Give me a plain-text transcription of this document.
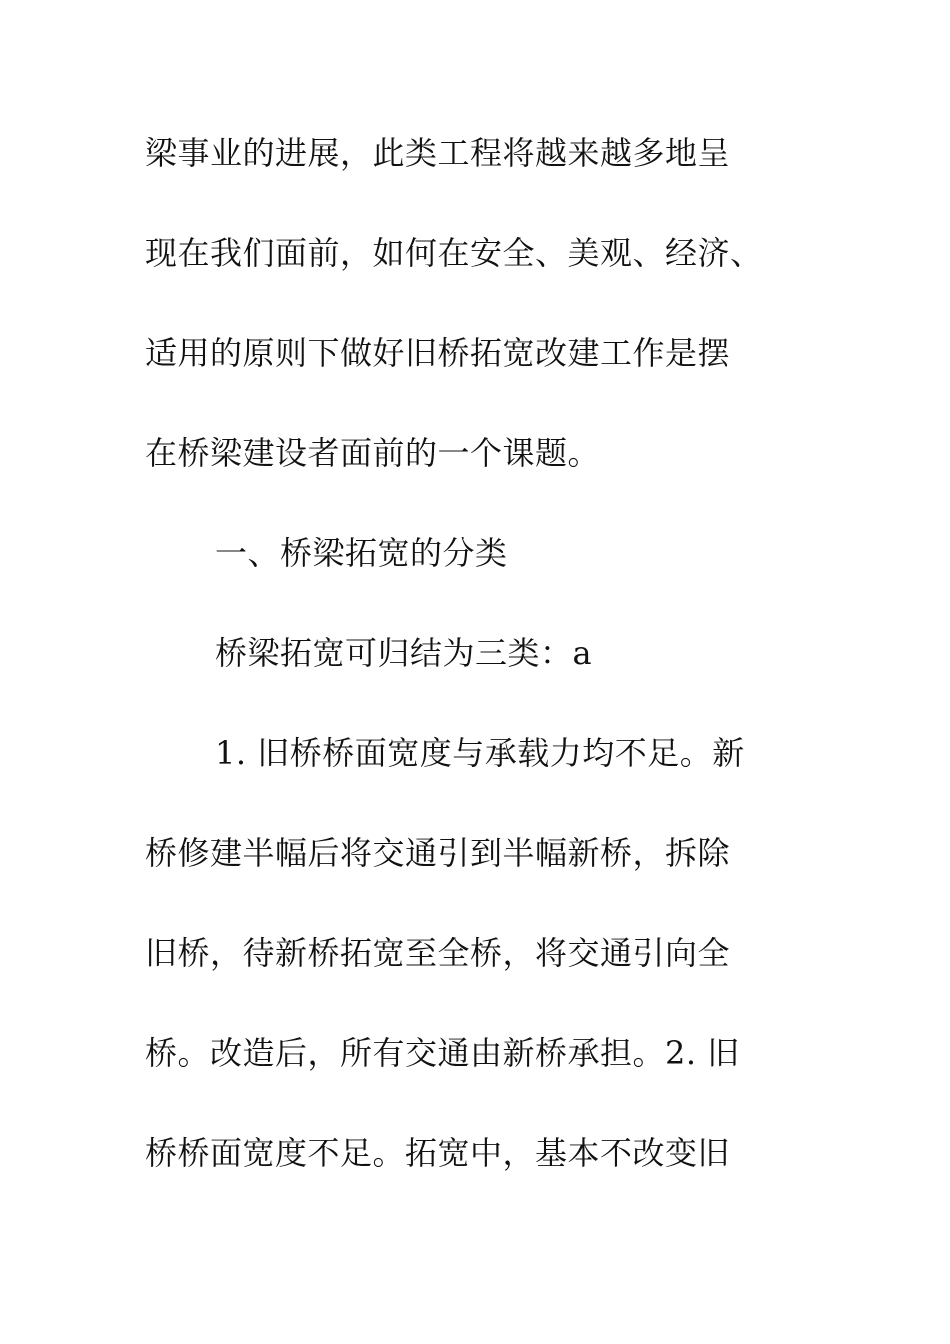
梁事业的进展，此类工程将越来越多地呈
现在我们面前，如何在安全、美观、经济、
适用的原则下做好旧桥拓宽改建工作是摆
在桥梁建设者面前的一个课题。
一、桥梁拓宽的分类
桥梁拓宽可归结为三类：a
1. 旧桥桥面宽度与承载力均不足。新
桥修建半幅后将交通引到半幅新桥，拆除
旧桥，待新桥拓宽至全桥，将交通引向全
桥。改造后，所有交通由新桥承担。2. 旧
桥桥面宽度不足。拓宽中，基本不改变旧
